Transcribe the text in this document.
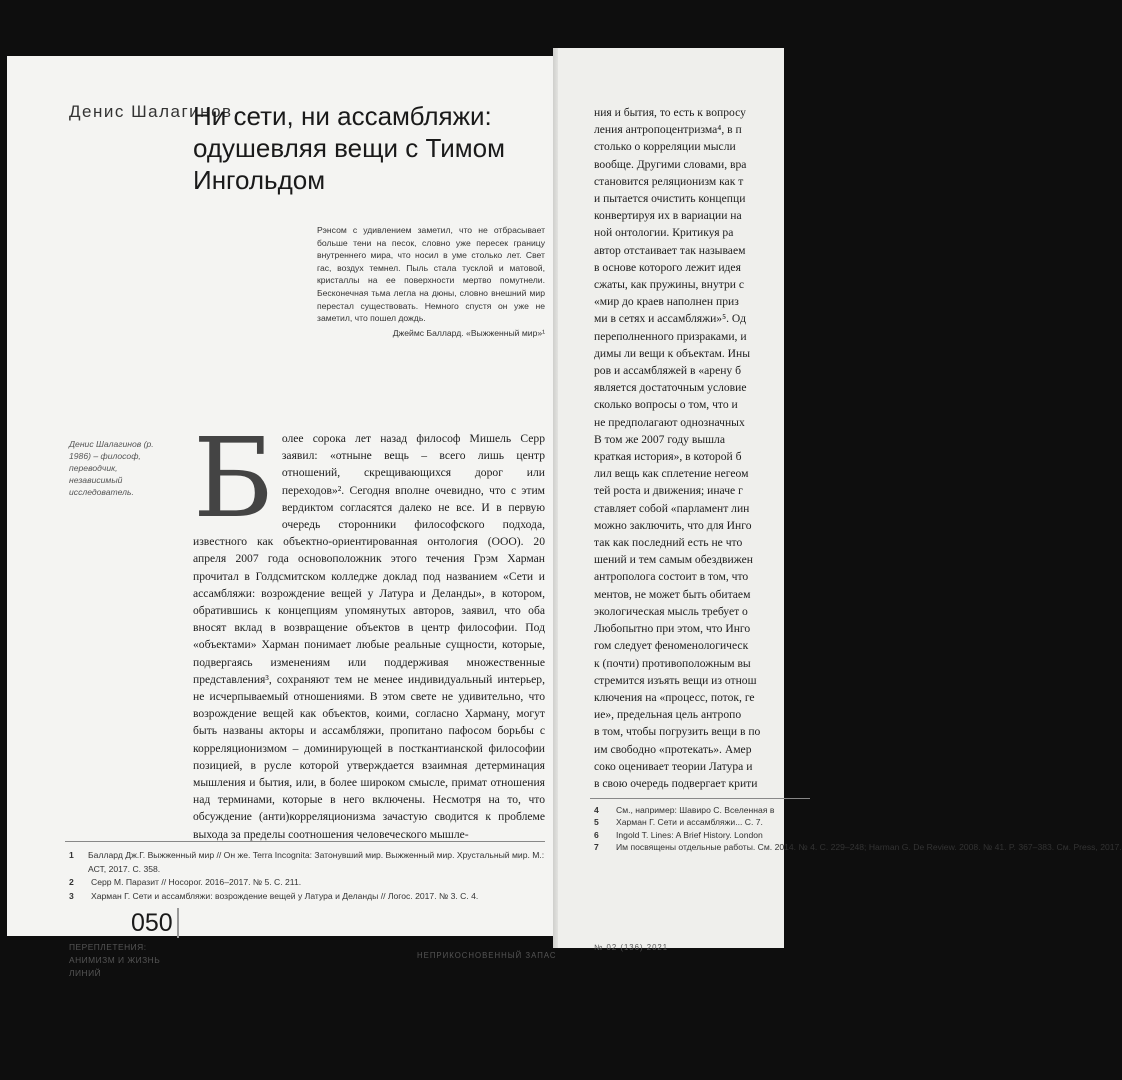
Денис Шалагинов
Ни сети, ни ассамбляжи: одушевляя вещи с Тимом Ингольдом
Рэнсом с удивлением заметил, что не отбрасывает больше тени на песок, словно уже пересек границу внутреннего мира, что носил в уме столько лет. Свет гас, воздух темнел. Пыль стала тусклой и матовой, кристаллы на ее поверхности мертво помутнели. Бесконечная тьма легла на дюны, словно внешний мир перестал существовать. Немного спустя он уже не заметил, что пошел дождь.
Джеймс Баллард. «Выжженный мир»¹
Денис Шалагинов (р. 1986) – философ, переводчик, независимый исследователь. Б олее сорока лет назад философ Мишель Серр заявил: «отныне вещь – всего лишь центр отношений, скрещивающихся дорог или переходов»². Сегодня вполне очевидно, что с этим вердиктом согласятся далеко не все. И в первую очередь сторонники философского подхода, известного как объектно-ориентированная онтология (ООО). 20 апреля 2007 года основоположник этого течения Грэм Харман прочитал в Голдсмитском колледже доклад под названием «Сети и ассамбляжи: возрождение вещей у Латура и Деланды», в котором, обратившись к концепциям упомянутых авторов, заявил, что оба вносят вклад в возвращение объектов в центр философии. Под «объектами» Харман понимает любые реальные сущности, которые, подвергаясь изменениям или поддерживая множественные представления³, сохраняют тем не менее индивидуальный интерьер, не исчерпываемый отношениями. В этом свете не удивительно, что возрождение вещей как объектов, коими, согласно Харману, могут быть названы акторы и ассамбляжи, пропитано пафосом борьбы с корреляционизмом – доминирующей в посткантианской философии позицией, в русле которой утверждается взаимная детерминация мышления и бытия, или, в более широком смысле, примат отношения над терминами, которые в него включены. Несмотря на то, что обсуждение (анти)корреляционизма зачастую сводится к проблеме выхода за пределы соотношения человеческого мышле-
1	Баллард Дж.Г. Выжженный мир // Он же. Terra Incognita: Затонувший мир. Выжженный мир. Хрустальный мир. М.: АСТ, 2017. С. 358.
2	Серр М. Паразит // Носорог. 2016–2017. № 5. С. 211.
3	Харман Г. Сети и ассамбляжи: возрождение вещей у Латура и Деланды // Логос. 2017. № 3. С. 4.
050
ПЕРЕПЛЕТЕНИЯ: АНИМИЗМ И ЖИЗНЬ ЛИНИЙ
НЕПРИКОСНОВЕННЫЙ ЗАПАС
ния и бытия, то есть к вопросу
ления антропоцентризма⁴, в п
столько о корреляции мысли
вообще. Другими словами, вра
становится реляционизм как т
и пытается очистить концепци
конвертируя их в вариации на
ной онтологии. Критикуя ра
автор отстаивает так называем
в основе которого лежит идея
сжаты, как пружины, внутри с
«мир до краев наполнен приз
ми в сетях и ассамбляжи»⁵. Од
переполненного призраками, и
димы ли вещи к объектам. Ины
ров и ассамбляжей в «арену б
является достаточным условие
сколько вопросы о том, что и
не предполагают однозначных
В том же 2007 году вышла
краткая история», в которой б
лил вещь как сплетение негеом
тей роста и движения; иначе г
ставляет собой «парламент лин
можно заключить, что для Инго
так как последний есть не что
шений и тем самым обездвижен
антрополога состоит в том, что
ментов, не может быть обитаем
экологическая мысль требует о
Любопытно при этом, что Инго
гом следует феноменологическ
к (почти) противоположным вы
стремится изъять вещи из отнош
ключения на «процесс, поток, ге
ие», предельная цель антропо
в том, чтобы погрузить вещи в по
им свободно «протекать». Амер
соко оценивает теории Латура и
в свою очередь подвергает крити
4 См., например: Шавиро С. Вселенная в
5 Харман Г. Сети и ассамбляжи... С. 7.
6 Ingold T. Lines: A Brief History. London
7 Им посвящены отдельные работы. См. 2014. № 4. С. 229–248; Harman G. De Review. 2008. № 41. P. 367–383. См. Press, 2017.
№ 02 (136) 2021
